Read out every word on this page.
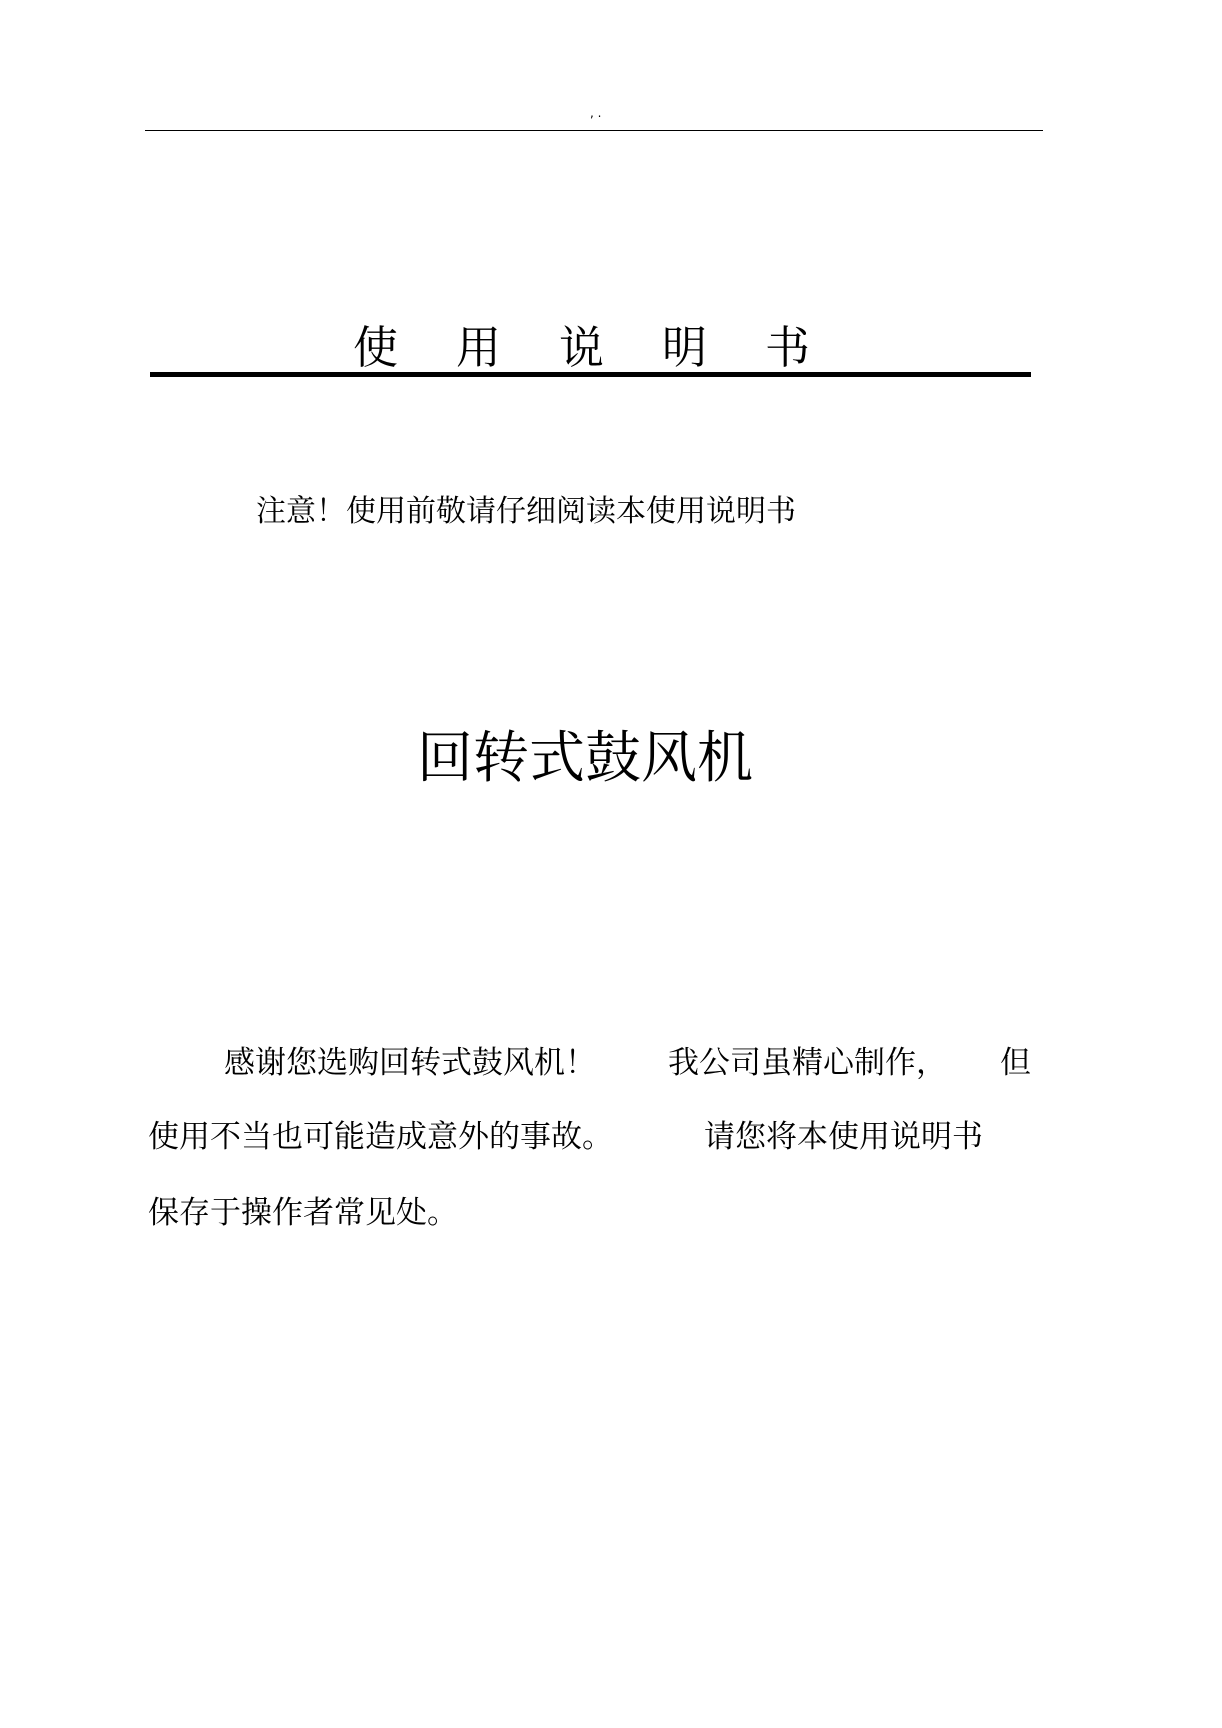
, .
使用说明书
注意！使用前敬请仔细阅读本使用说明书
回转式鼓风机
感谢您选购回转式鼓风机！ 我公司虽精心制作， 但
使用不当也可能造成意外的事故。	请您将本使用说明书
保存于操作者常见处。
